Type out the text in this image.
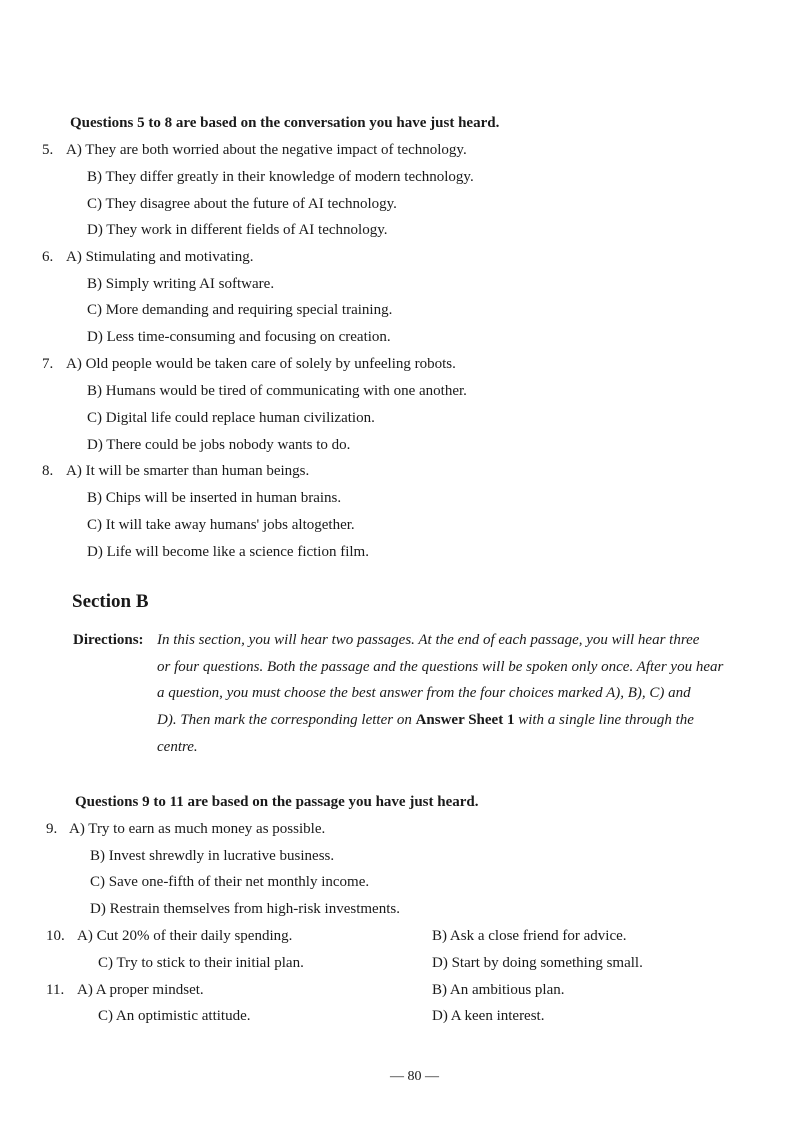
Questions 5 to 8 are based on the conversation you have just heard.
5. A) They are both worried about the negative impact of technology.
B) They differ greatly in their knowledge of modern technology.
C) They disagree about the future of AI technology.
D) They work in different fields of AI technology.
6. A) Stimulating and motivating.
B) Simply writing AI software.
C) More demanding and requiring special training.
D) Less time-consuming and focusing on creation.
7. A) Old people would be taken care of solely by unfeeling robots.
B) Humans would be tired of communicating with one another.
C) Digital life could replace human civilization.
D) There could be jobs nobody wants to do.
8. A) It will be smarter than human beings.
B) Chips will be inserted in human brains.
C) It will take away humans' jobs altogether.
D) Life will become like a science fiction film.
Section B
Directions: In this section, you will hear two passages. At the end of each passage, you will hear three
or four questions. Both the passage and the questions will be spoken only once. After you hear
a question, you must choose the best answer from the four choices marked A), B), C) and
D). Then mark the corresponding letter on Answer Sheet 1 with a single line through the
centre.
Questions 9 to 11 are based on the passage you have just heard.
9. A) Try to earn as much money as possible.
B) Invest shrewdly in lucrative business.
C) Save one-fifth of their net monthly income.
D) Restrain themselves from high-risk investments.
10. A) Cut 20% of their daily spending.	B) Ask a close friend for advice.
C) Try to stick to their initial plan.	D) Start by doing something small.
11. A) A proper mindset.	B) An ambitious plan.
C) An optimistic attitude.	D) A keen interest.
— 80 —
